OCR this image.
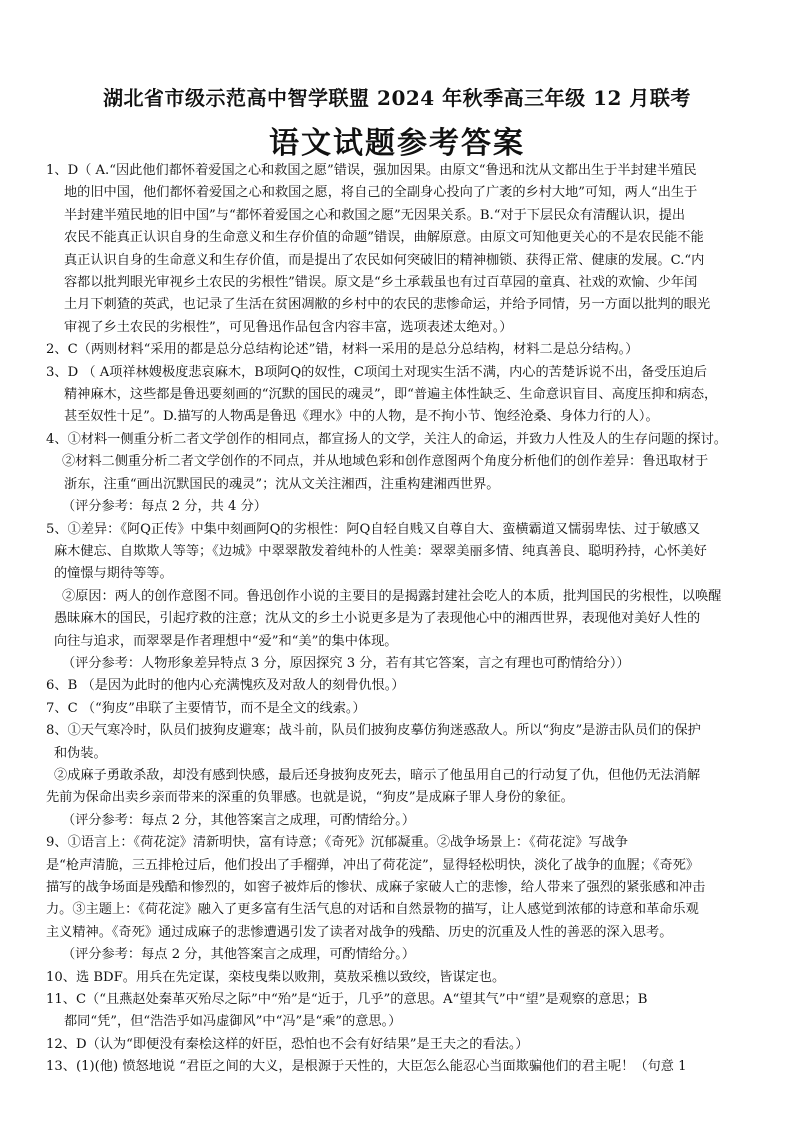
湖北省市级示范高中智学联盟 2024 年秋季高三年级 12 月联考
语文试题参考答案

1、D（ A.“因此他们都怀着爱国之心和救国之愿”错误，强加因果。由原文“鲁迅和沈从文都出生于半封建半殖民

地的旧中国，他们都怀着爱国之心和救国之愿，将自己的全副身心投向了广袤的乡村大地”可知，两人“出生于

半封建半殖民地的旧中国”与“都怀着爱国之心和救国之愿”无因果关系。B.“对于下层民众有清醒认识，提出

农民不能真正认识自身的生命意义和生存价值的命题”错误，曲解原意。由原文可知他更关心的不是农民能不能

真正认识自身的生命意义和生存价值，而是提出了农民如何突破旧的精神枷锁、获得正常、健康的发展。C.“内

容都以批判眼光审视乡土农民的劣根性”错误。原文是“乡土承载虽也有过百草园的童真、社戏的欢愉、少年闰

土月下刺猹的英武，也记录了生活在贫困凋敝的乡村中的农民的悲惨命运，并给予同情，另一方面以批判的眼光

审视了乡土农民的劣根性”，可见鲁迅作品包含内容丰富，选项表述太绝对。）

2、C（两则材料“采用的都是总分总结构论述”错，材料一采用的是总分总结构，材料二是总分结构。）

3、D （ A项祥林嫂极度悲哀麻木，B项阿Q的奴性，C项闰土对现实生活不满，内心的苦楚诉说不出，备受压迫后

精神麻木，这些都是鲁迅要刻画的“沉默的国民的魂灵”，即“普遍主体性缺乏、生命意识盲目、高度压抑和病态，

甚至奴性十足”。D.描写的人物禹是鲁迅《理水》中的人物，是不拘小节、饱经沧桑、身体力行的人）。

4、①材料一侧重分析二者文学创作的相同点，都宣扬人的文学，关注人的命运，并致力人性及人的生存问题的探讨。

②材料二侧重分析二者文学创作的不同点，并从地域色彩和创作意图两个角度分析他们的创作差异：鲁迅取材于

浙东，注重“画出沉默国民的魂灵”；沈从文关注湘西，注重构建湘西世界。

（评分参考：每点 2 分，共 4 分）

5、①差异：《阿Q正传》中集中刻画阿Q的劣根性：阿Q自轻自贱又自尊自大、蛮横霸道又懦弱卑怯、过于敏感又

麻木健忘、自欺欺人等等；《边城》中翠翠散发着纯朴的人性美：翠翠美丽多情、纯真善良、聪明矜持，心怀美好

的憧憬与期待等等。

②原因：两人的创作意图不同。鲁迅创作小说的主要目的是揭露封建社会吃人的本质，批判国民的劣根性，以唤醒

愚昧麻木的国民，引起疗救的注意；沈从文的乡土小说更多是为了表现他心中的湘西世界，表现他对美好人性的

向往与追求，而翠翠是作者理想中“爱”和“美”的集中体现。

（评分参考：人物形象差异特点 3 分，原因探究 3 分，若有其它答案，言之有理也可酌情给分））

6、B （是因为此时的他内心充满愧疚及对敌人的刻骨仇恨。）

7、C （“狗皮”串联了主要情节，而不是全文的线索。）

8、①天气寒冷时，队员们披狗皮避寒；战斗前，队员们披狗皮摹仿狗迷惑敌人。所以“狗皮”是游击队员们的保护

和伪装。

②成麻子勇敢杀敌，却没有感到快感，最后还身披狗皮死去，暗示了他虽用自己的行动复了仇，但他仍无法消解

先前为保命出卖乡亲而带来的深重的负罪感。也就是说，“狗皮”是成麻子罪人身份的象征。

（评分参考：每点 2 分，其他答案言之成理，可酌情给分。）

9、①语言上：《荷花淀》清新明快，富有诗意；《奇死》沉郁凝重。②战争场景上：《荷花淀》写战争

是“枪声清脆，三五排枪过后，他们投出了手榴弹，冲出了荷花淀”，显得轻松明快，淡化了战争的血腥；《奇死》

描写的战争场面是残酷和惨烈的，如窖子被炸后的惨状、成麻子家破人亡的悲惨，给人带来了强烈的紧张感和冲击

力。③主题上：《荷花淀》融入了更多富有生活气息的对话和自然景物的描写，让人感觉到浓郁的诗意和革命乐观

主义精神。《奇死》通过成麻子的悲惨遭遇引发了读者对战争的残酷、历史的沉重及人性的善恶的深入思考。

（评分参考：每点 2 分，其他答案言之成理，可酌情给分。）

10、选 BDF。用兵在先定谋，栾枝曳柴以败荆，莫敖采樵以致绞，皆谋定也。

11、C（“且燕赵处秦革灭殆尽之际”中“殆”是“近于，几乎”的意思。A“望其气”中“望”是观察的意思；B

都同“凭”，但“浩浩乎如冯虚御风”中“冯”是“乘”的意思。）

12、D（认为“即便没有秦桧这样的奸臣，恐怕也不会有好结果”是王夫之的看法。）

13、(1)(他) 愤怒地说 “君臣之间的大义，是根源于天性的，大臣怎么能忍心当面欺骗他们的君主呢！（句意 1
